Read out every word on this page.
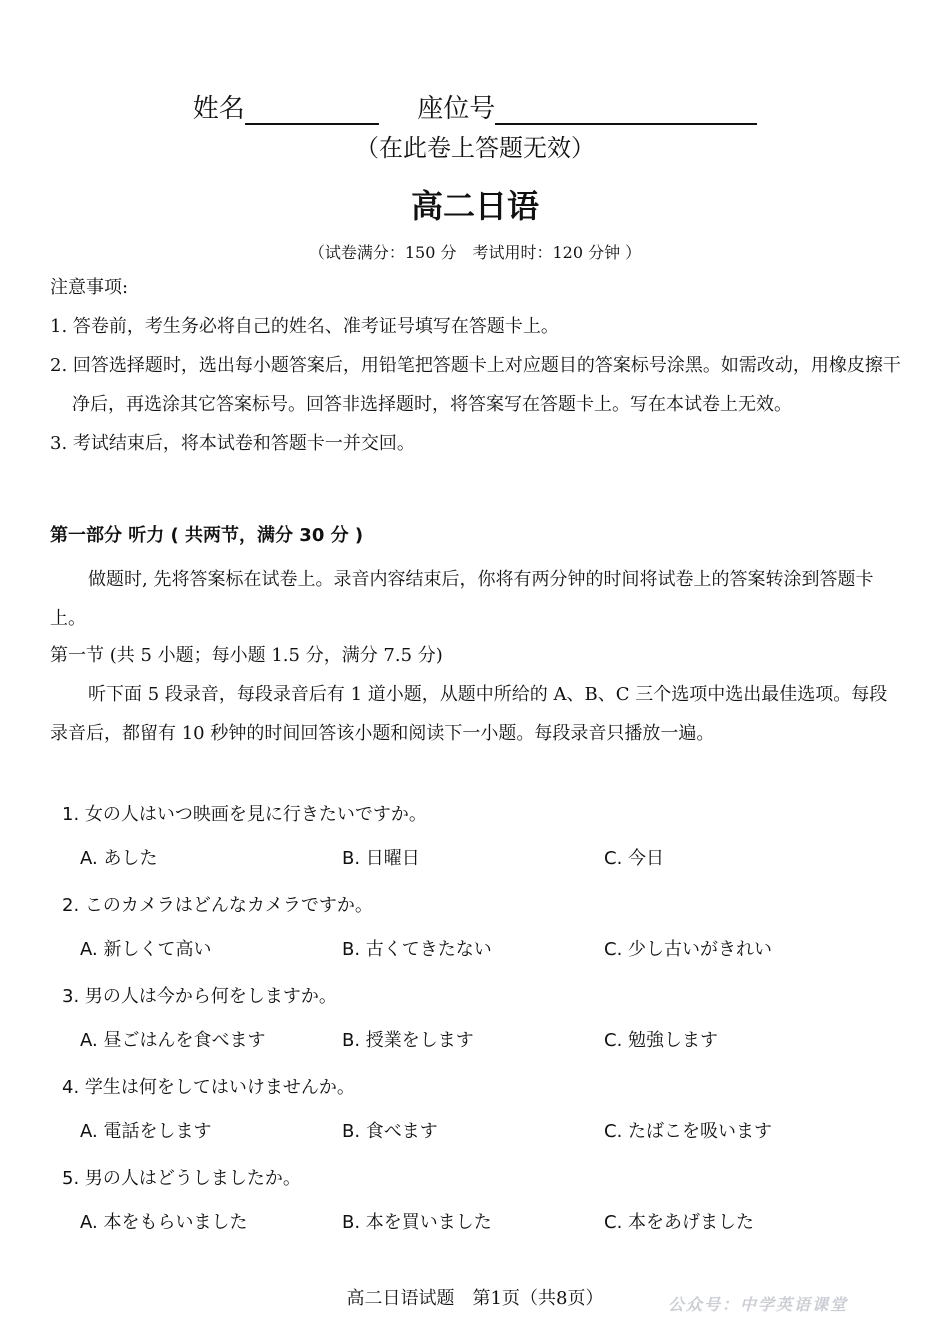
姓名	座位号
（在此卷上答题无效）
高二日语
（试卷满分：150 分　考试用时：120 分钟 ）

注意事项:

1. 答卷前，考生务必将自己的姓名、准考证号填写在答题卡上。

2. 回答选择题时，选出每小题答案后，用铅笔把答题卡上对应题目的答案标号涂黑。如需改动，用橡皮擦干净后，再选涂其它答案标号。回答非选择题时，将答案写在答题卡上。写在本试卷上无效。

3. 考试结束后，将本试卷和答题卡一并交回。

第一部分 听力 ( 共两节，满分 30 分 )
做题时, 先将答案标在试卷上。录音内容结束后，你将有两分钟的时间将试卷上的答案转涂到答题卡上。
第一节 (共 5 小题；每小题 1.5 分，满分 7.5 分)
听下面 5 段录音，每段录音后有 1 道小题，从题中所给的 A、B、C 三个选项中选出最佳选项。每段录音后，都留有 10 秒钟的时间回答该小题和阅读下一小题。每段录音只播放一遍。
1. 女の人はいつ映画を見に行きたいですか。
A. あした	B. 日曜日	C. 今日
2. このカメラはどんなカメラですか。
A. 新しくて高い	B. 古くてきたない	C. 少し古いがきれい
3. 男の人は今から何をしますか。
A. 昼ごはんを食べます	B. 授業をします	C. 勉強します
4. 学生は何をしてはいけませんか。
A. 電話をします	B. 食べます	C. たばこを吸います
5. 男の人はどうしましたか。
A. 本をもらいました	B. 本を買いました	C. 本をあげました
高二日语试题　第1页（共8页）	公众号：中学英语课堂
